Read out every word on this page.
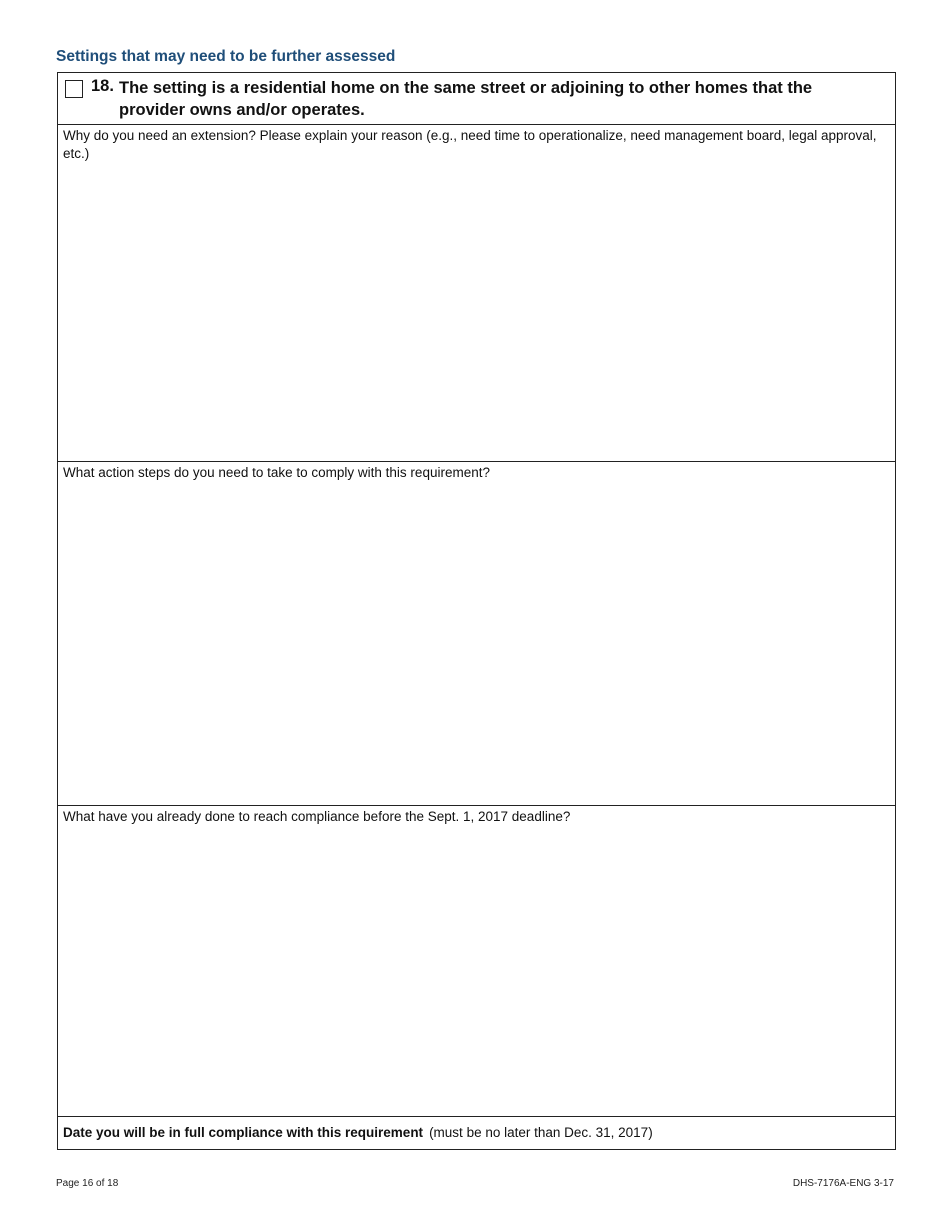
Settings that may need to be further assessed
18. The setting is a residential home on the same street or adjoining to other homes that the provider owns and/or operates.
Why do you need an extension? Please explain your reason (e.g., need time to operationalize, need management board, legal approval, etc.)
What action steps do you need to take to comply with this requirement?
What have you already done to reach compliance before the Sept. 1, 2017 deadline?
Date you will be in full compliance with this requirement (must be no later than Dec. 31, 2017)
Page 16 of 18	DHS-7176A-ENG 3-17
